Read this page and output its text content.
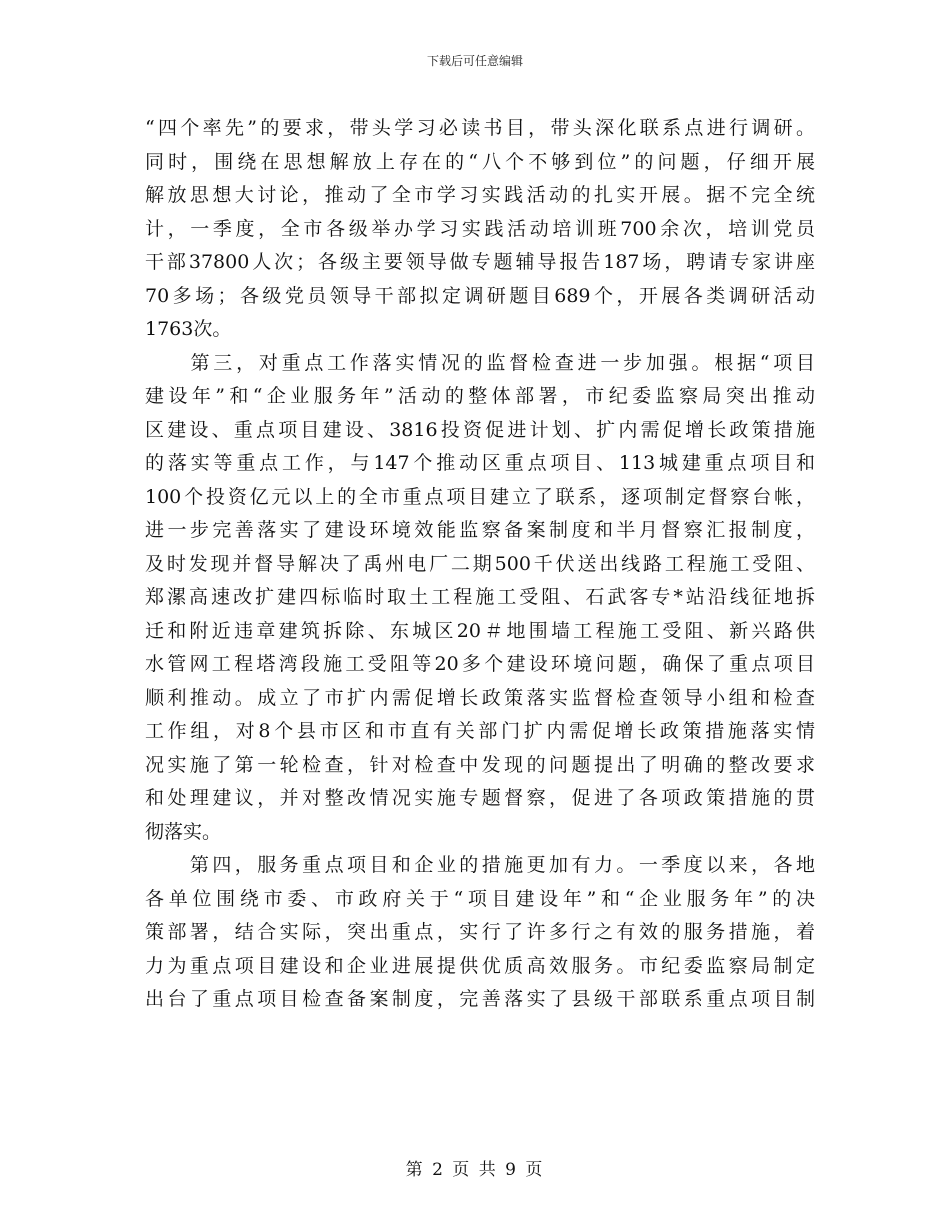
下载后可任意编辑
“四个率先”的要求，带头学习必读书目，带头深化联系点进行调研。
同时，围绕在思想解放上存在的“八个不够到位”的问题，仔细开展
解放思想大讨论，推动了全市学习实践活动的扎实开展。据不完全统
计，一季度，全市各级举办学习实践活动培训班700余次，培训党员
干部37800人次；各级主要领导做专题辅导报告187场，聘请专家讲座
70多场；各级党员领导干部拟定调研题目689个，开展各类调研活动
1763次。
　　第三，对重点工作落实情况的监督检查进一步加强。根据“项目
建设年”和“企业服务年”活动的整体部署，市纪委监察局突出推动
区建设、重点项目建设、3816投资促进计划、扩内需促增长政策措施
的落实等重点工作，与147个推动区重点项目、113城建重点项目和
100个投资亿元以上的全市重点项目建立了联系，逐项制定督察台帐，
进一步完善落实了建设环境效能监察备案制度和半月督察汇报制度，
及时发现并督导解决了禹州电厂二期500千伏送出线路工程施工受阻、
郑漯高速改扩建四标临时取土工程施工受阻、石武客专*站沿线征地拆
迁和附近违章建筑拆除、东城区20＃地围墙工程施工受阻、新兴路供
水管网工程塔湾段施工受阻等20多个建设环境问题，确保了重点项目
顺利推动。成立了市扩内需促增长政策落实监督检查领导小组和检查
工作组，对8个县市区和市直有关部门扩内需促增长政策措施落实情
况实施了第一轮检查，针对检查中发现的问题提出了明确的整改要求
和处理建议，并对整改情况实施专题督察，促进了各项政策措施的贯
彻落实。
　　第四，服务重点项目和企业的措施更加有力。一季度以来，各地
各单位围绕市委、市政府关于“项目建设年”和“企业服务年”的决
策部署，结合实际，突出重点，实行了许多行之有效的服务措施，着
力为重点项目建设和企业进展提供优质高效服务。市纪委监察局制定
出台了重点项目检查备案制度，完善落实了县级干部联系重点项目制
第 2 页 共 9 页
